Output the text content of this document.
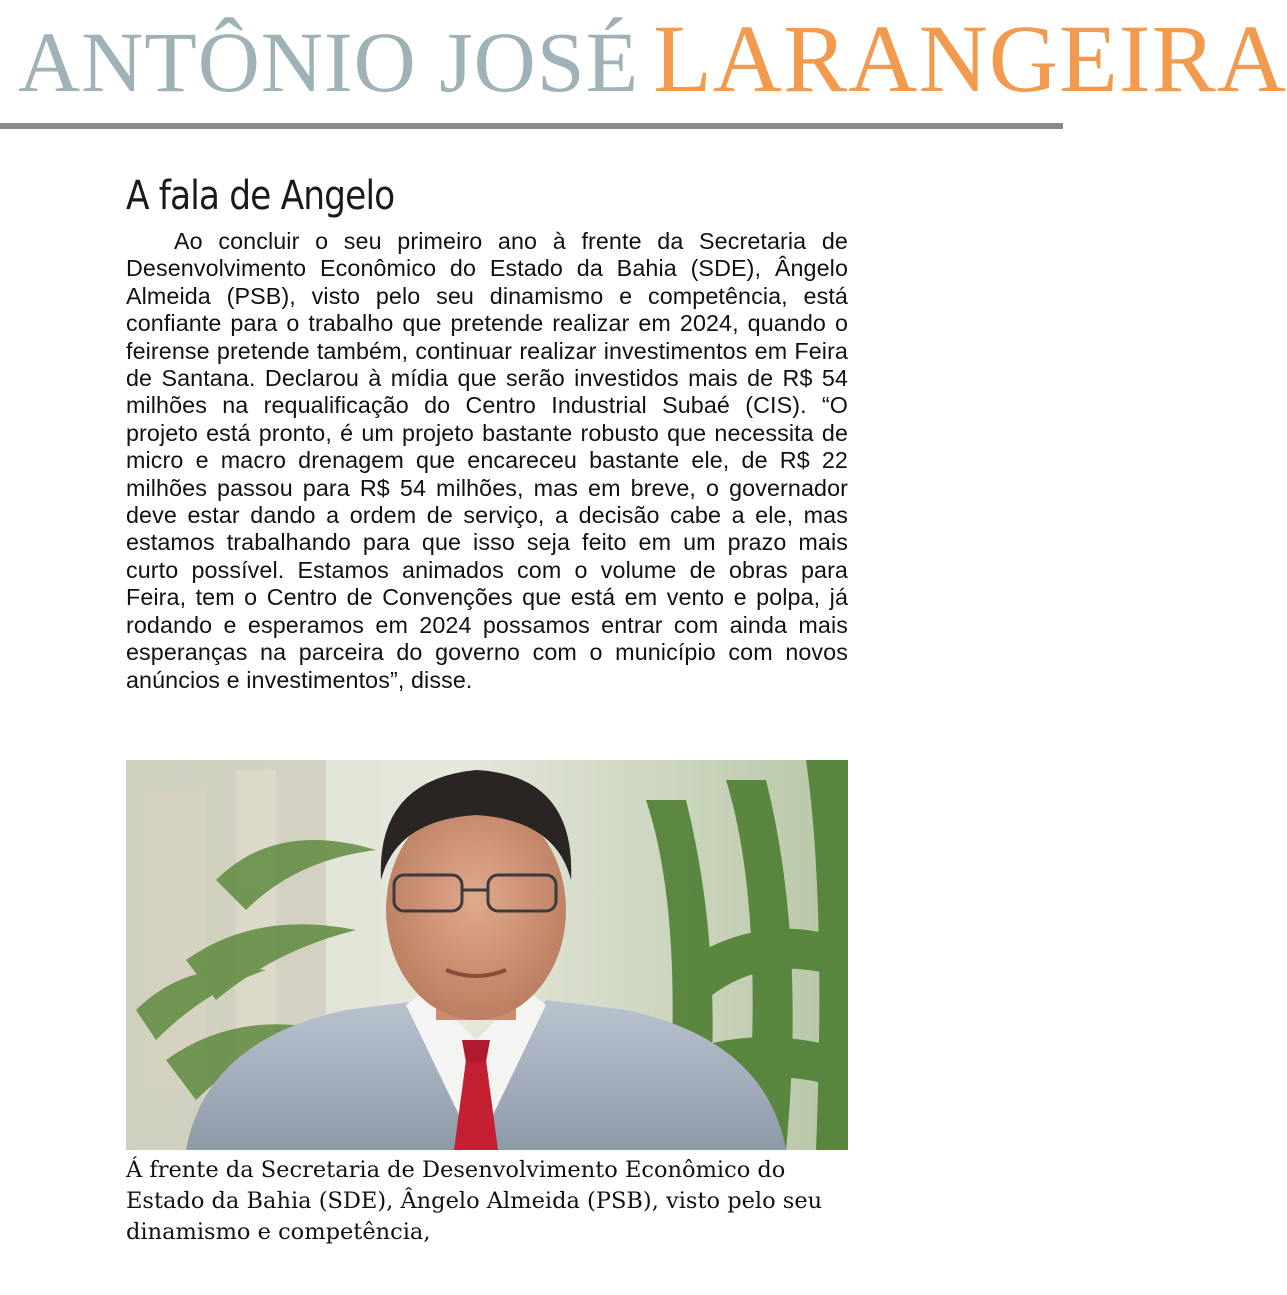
ANTÔNIO JOSÉ LARANGEIRA
A fala de Angelo

Ao concluir o seu primeiro ano à frente da Secretaria de Desenvolvimento Econômico do Estado da Bahia (SDE), Ângelo Almeida (PSB), visto pelo seu dinamismo e competência, está confiante para o trabalho que pretende realizar em 2024, quando o feirense pretende também, continuar realizar investimentos em Feira de Santana. Declarou à mídia que serão investidos mais de R$ 54 milhões na requalificação do Centro Industrial Subaé (CIS). “O projeto está pronto, é um projeto bastante robusto que necessita de micro e macro drenagem que encareceu bastante ele, de R$ 22 milhões passou para R$ 54 milhões, mas em breve, o governador deve estar dando a ordem de serviço, a decisão cabe a ele, mas estamos trabalhando para que isso seja feito em um prazo mais curto possível. Estamos animados com o volume de obras para Feira, tem o Centro de Convenções que está em vento e polpa, já rodando e esperamos em 2024 possamos entrar com ainda mais esperanças na parceira do governo com o município com novos anúncios e investimentos”, disse.

Á frente da Secretaria de Desenvolvimento Econômico do Estado da Bahia (SDE), Ângelo Almeida (PSB), visto pelo seu dinamismo e competência,
